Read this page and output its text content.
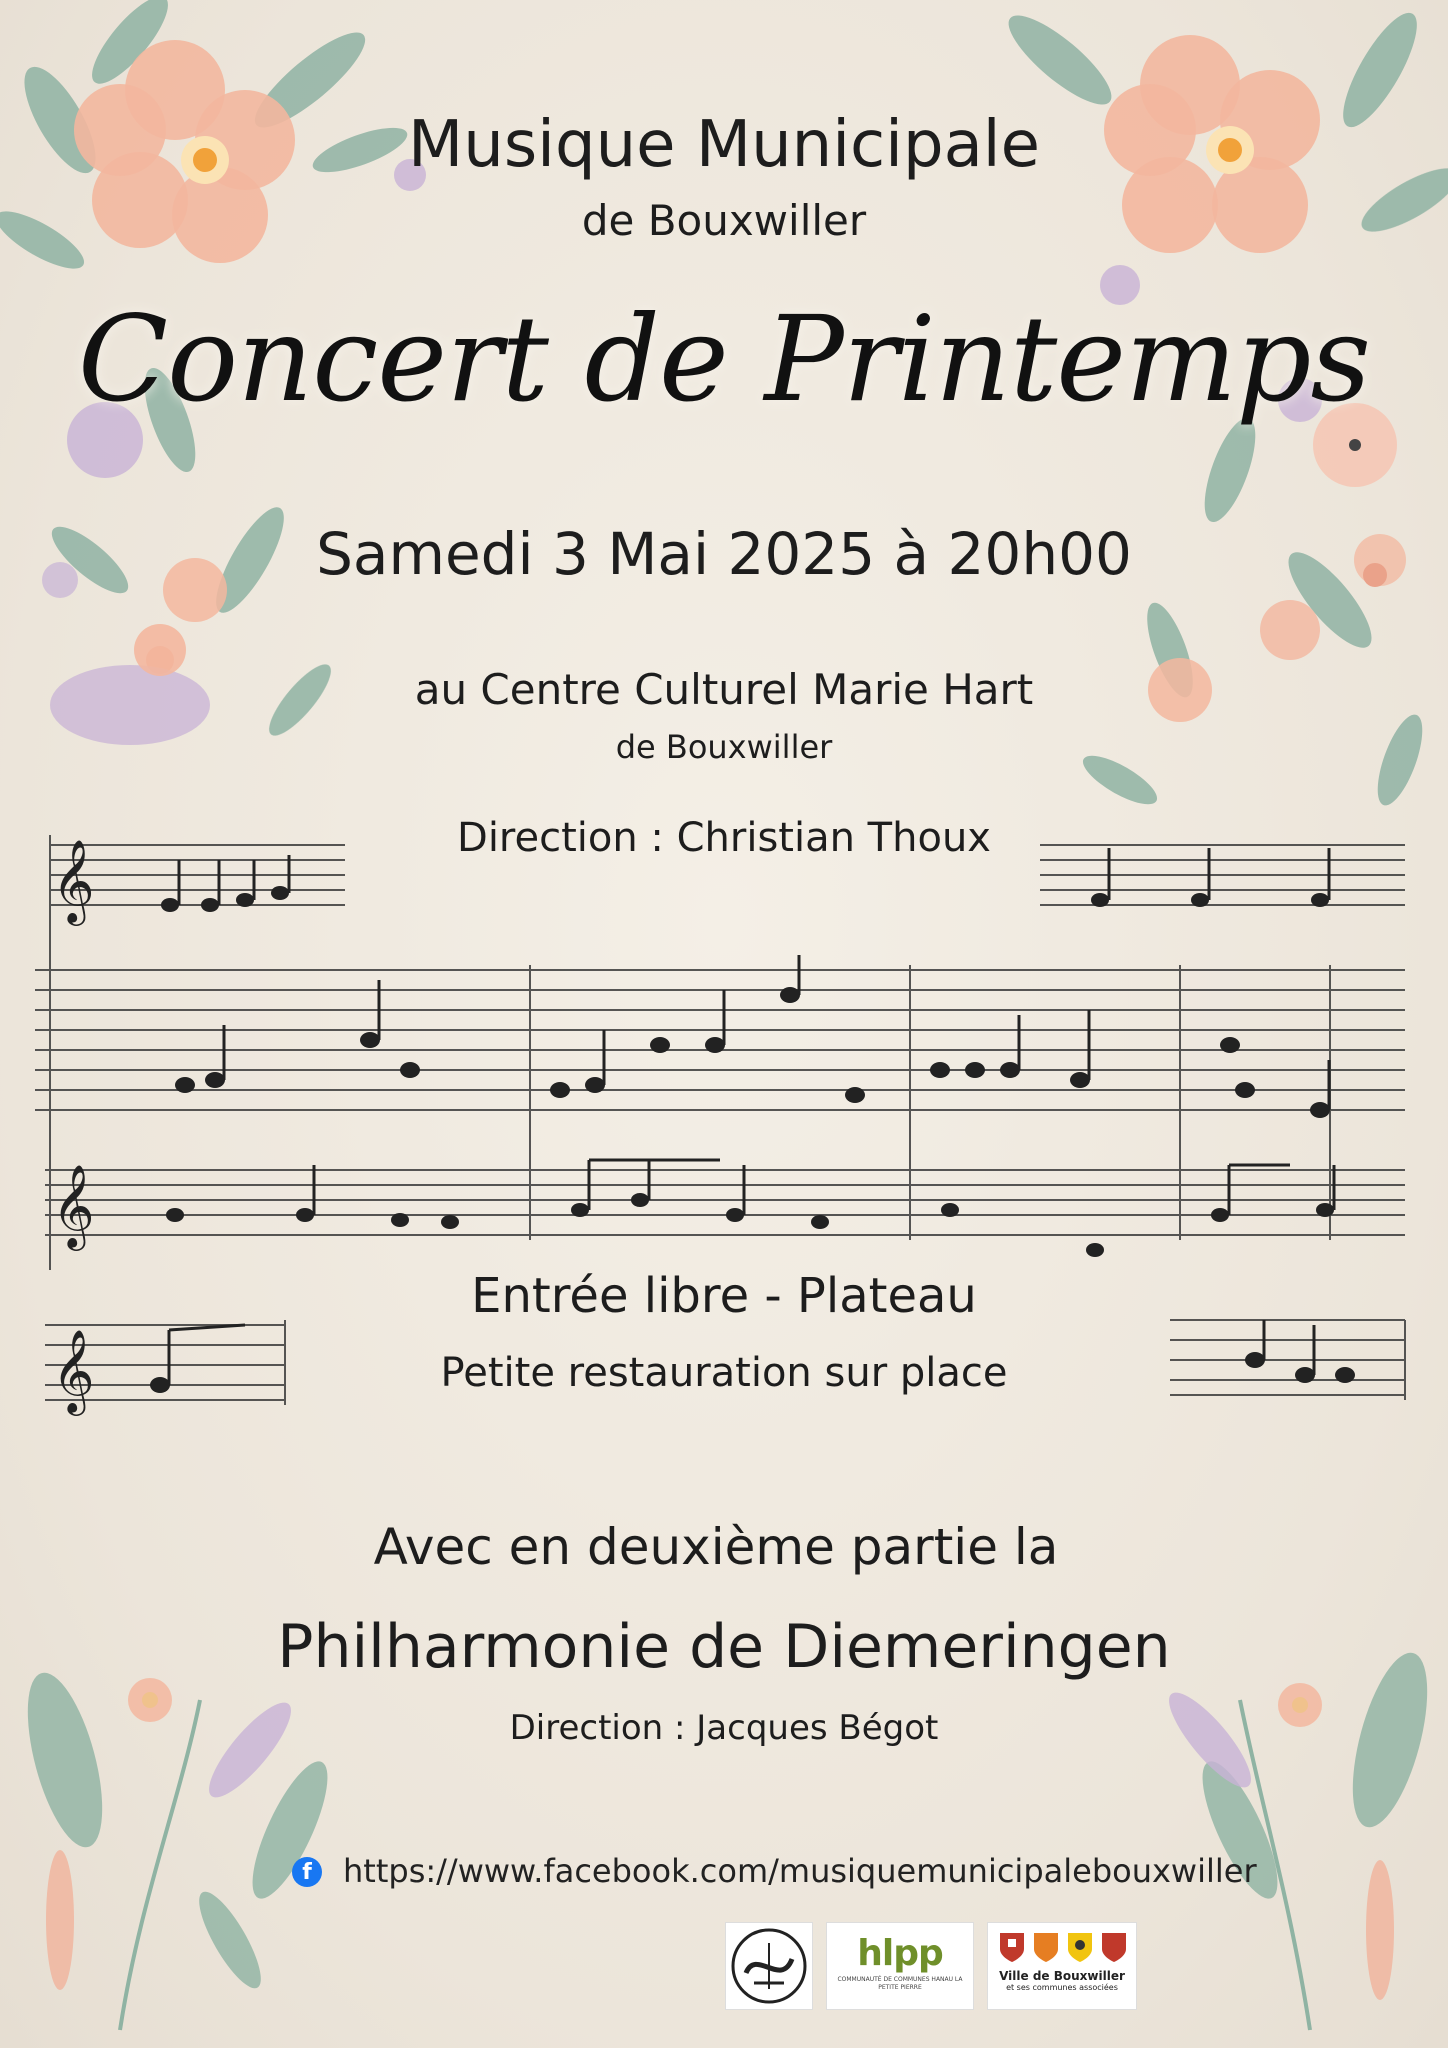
𝄞
𝄞
𝄞
Musique Municipale
de Bouxwiller
Concert de Printemps
Samedi 3 Mai 2025 à 20h00
au Centre Culturel Marie Hart
de Bouxwiller
Direction : Christian Thoux
Entrée libre - Plateau
Petite restauration sur place
Avec en deuxième partie la
Philharmonie de Diemeringen
Direction : Jacques Bégot
f https://www.facebook.com/musiquemunicipalebouxwiller
hlpp
COMMUNAUTÉ DE COMMUNES HANAU LA PETITE PIERRE
Ville de Bouxwiller
et ses communes associées
